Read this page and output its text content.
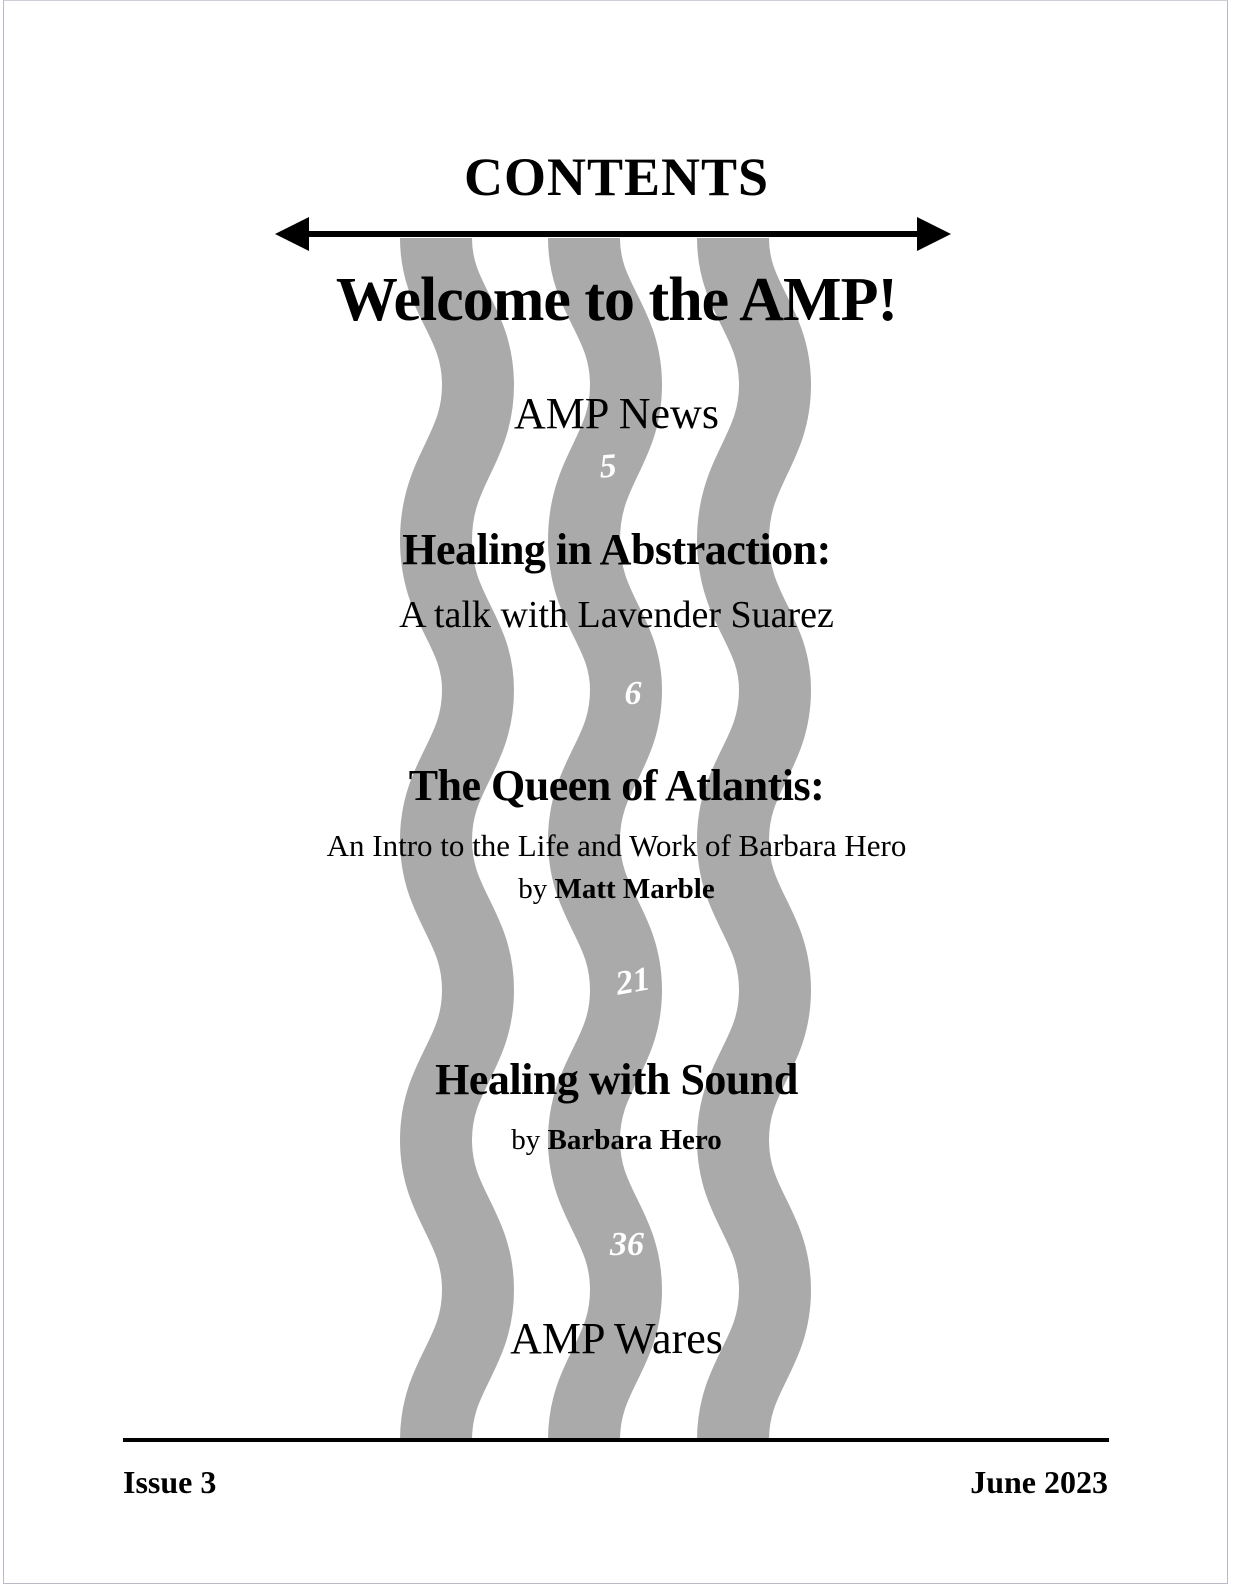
CONTENTS
Welcome to the AMP!
AMP News
5
Healing in Abstraction:
A talk with Lavender Suarez
6
The Queen of Atlantis:
An Intro to the Life and Work of Barbara Hero
by Matt Marble
21
Healing with Sound
by Barbara Hero
36
AMP Wares
Issue 3	June 2023
